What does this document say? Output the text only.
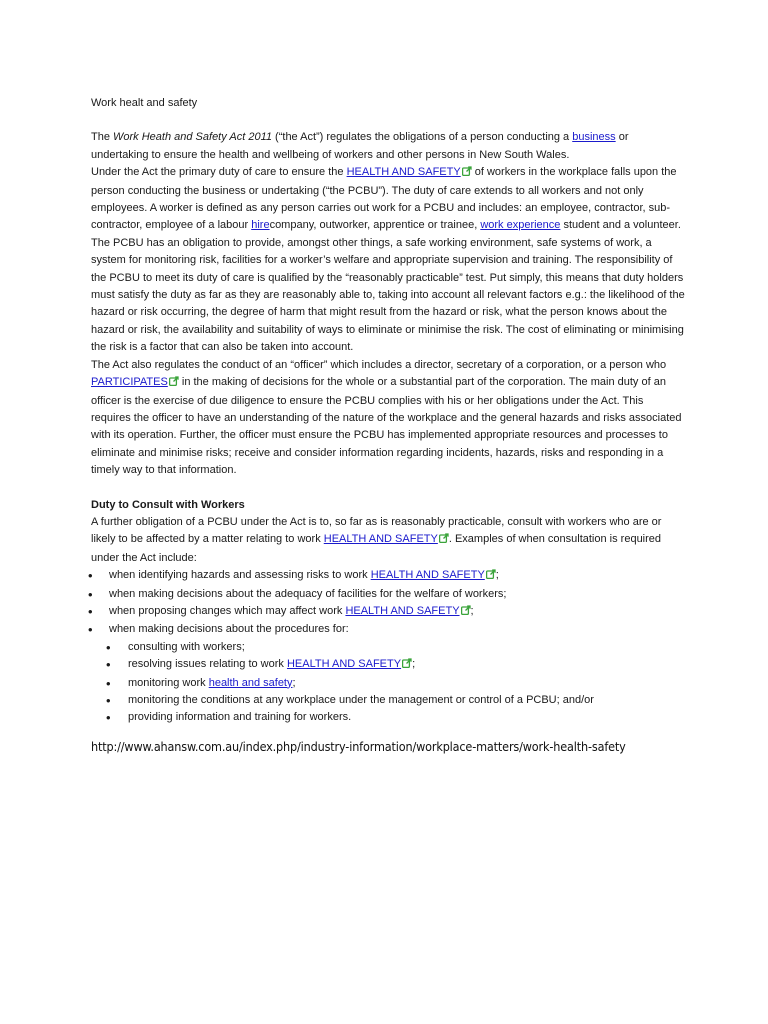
Work healt and safety

The Work Heath and Safety Act 2011 (“the Act”) regulates the obligations of a person conducting a business or undertaking to ensure the health and wellbeing of workers and other persons in New South Wales.

Under the Act the primary duty of care to ensure the HEALTH AND SAFETY of workers in the workplace falls upon the person conducting the business or undertaking (“the PCBU”). The duty of care extends to all workers and not only employees. A worker is defined as any person carries out work for a PCBU and includes: an employee, contractor, sub-contractor, employee of a labour hirecompany, outworker, apprentice or trainee, work experience student and a volunteer.

The PCBU has an obligation to provide, amongst other things, a safe working environment, safe systems of work, a system for monitoring risk, facilities for a worker’s welfare and appropriate supervision and training. The responsibility of the PCBU to meet its duty of care is qualified by the “reasonably practicable” test. Put simply, this means that duty holders must satisfy the duty as far as they are reasonably able to, taking into account all relevant factors e.g.: the likelihood of the hazard or risk occurring, the degree of harm that might result from the hazard or risk, what the person knows about the hazard or risk, the availability and suitability of ways to eliminate or minimise the risk. The cost of eliminating or minimising the risk is a factor that can also be taken into account.

The Act also regulates the conduct of an “officer” which includes a director, secretary of a corporation, or a person who PARTICIPATES in the making of decisions for the whole or a substantial part of the corporation. The main duty of an officer is the exercise of due diligence to ensure the PCBU complies with his or her obligations under the Act. This requires the officer to have an understanding of the nature of the workplace and the general hazards and risks associated with its operation. Further, the officer must ensure the PCBU has implemented appropriate resources and processes to eliminate and minimise risks; receive and consider information regarding incidents, hazards, risks and responding in a timely way to that information.

Duty to Consult with Workers

A further obligation of a PCBU under the Act is to, so far as is reasonably practicable, consult with workers who are or likely to be affected by a matter relating to work HEALTH AND SAFETY . Examples of when consultation is required under the Act include:

• when identifying hazards and assessing risks to work HEALTH AND SAFETY ;
• when making decisions about the adequacy of facilities for the welfare of workers;
• when proposing changes which may affect work HEALTH AND SAFETY ;
• when making decisions about the procedures for:
• consulting with workers;
• resolving issues relating to work HEALTH AND SAFETY ;
• monitoring work health and safety;
• monitoring the conditions at any workplace under the management or control of a PCBU; and/or
• providing information and training for workers.

http://www.ahansw.com.au/index.php/industry-information/workplace-matters/work-health-safety
